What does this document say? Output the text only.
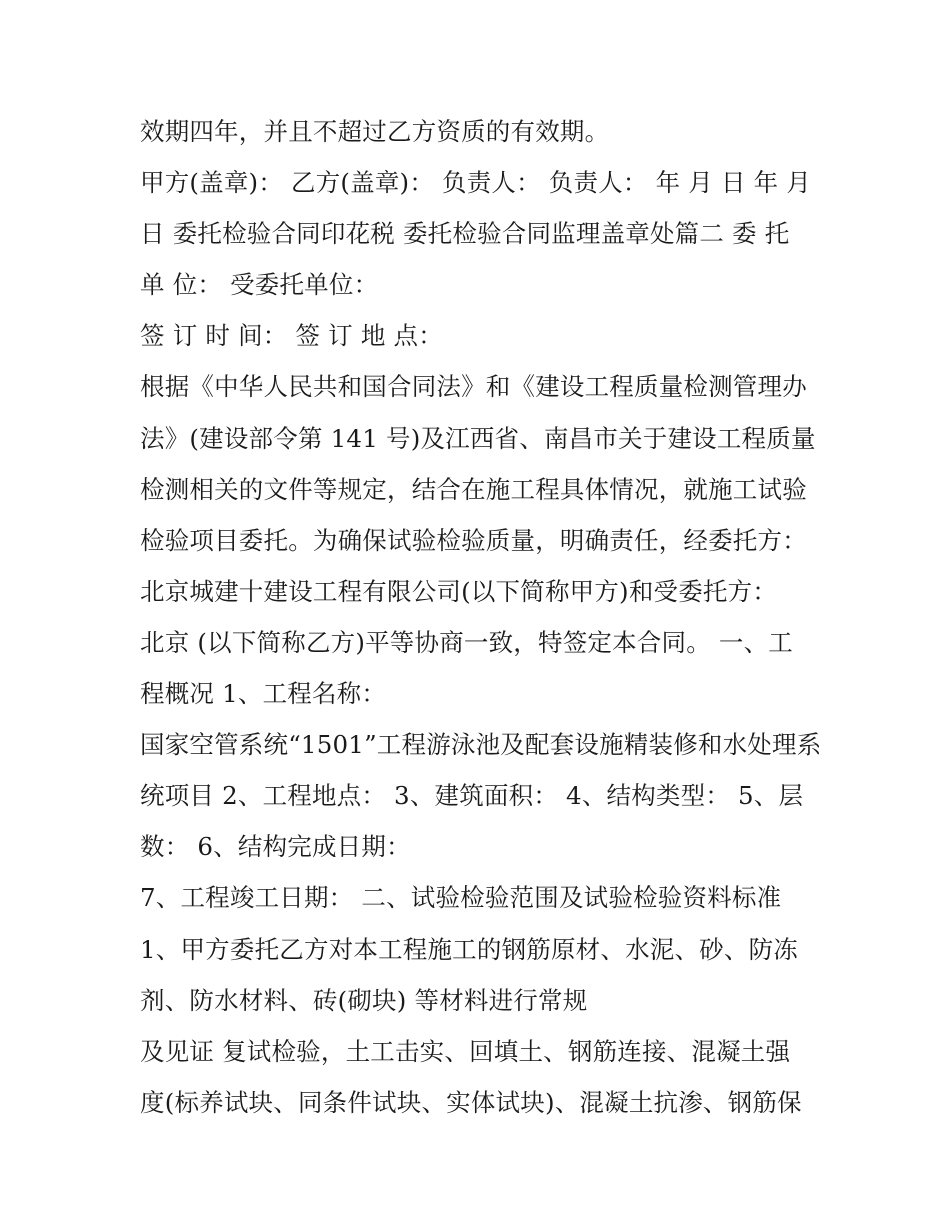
效期四年，并且不超过乙方资质的有效期。
甲方(盖章)： 乙方(盖章)： 负责人： 负责人： 年 月 日 年 月
日 委托检验合同印花税 委托检验合同监理盖章处篇二 委 托
单 位： 受委托单位：
签 订 时 间： 签 订 地 点：
根据《中华人民共和国合同法》和《建设工程质量检测管理办
法》(建设部令第 141 号)及江西省、南昌市关于建设工程质量
检测相关的文件等规定，结合在施工程具体情况，就施工试验
检验项目委托。为确保试验检验质量，明确责任，经委托方：
北京城建十建设工程有限公司(以下简称甲方)和受委托方：
北京 (以下简称乙方)平等协商一致，特签定本合同。 一、工
程概况 1、工程名称：
国家空管系统“1501”工程游泳池及配套设施精装修和水处理系
统项目 2、工程地点： 3、建筑面积： 4、结构类型： 5、层
数： 6、结构完成日期：
7、工程竣工日期： 二、试验检验范围及试验检验资料标准
1、甲方委托乙方对本工程施工的钢筋原材、水泥、砂、防冻
剂、防水材料、砖(砌块) 等材料进行常规
及见证 复试检验，土工击实、回填土、钢筋连接、混凝土强
度(标养试块、同条件试块、实体试块)、混凝土抗渗、钢筋保
